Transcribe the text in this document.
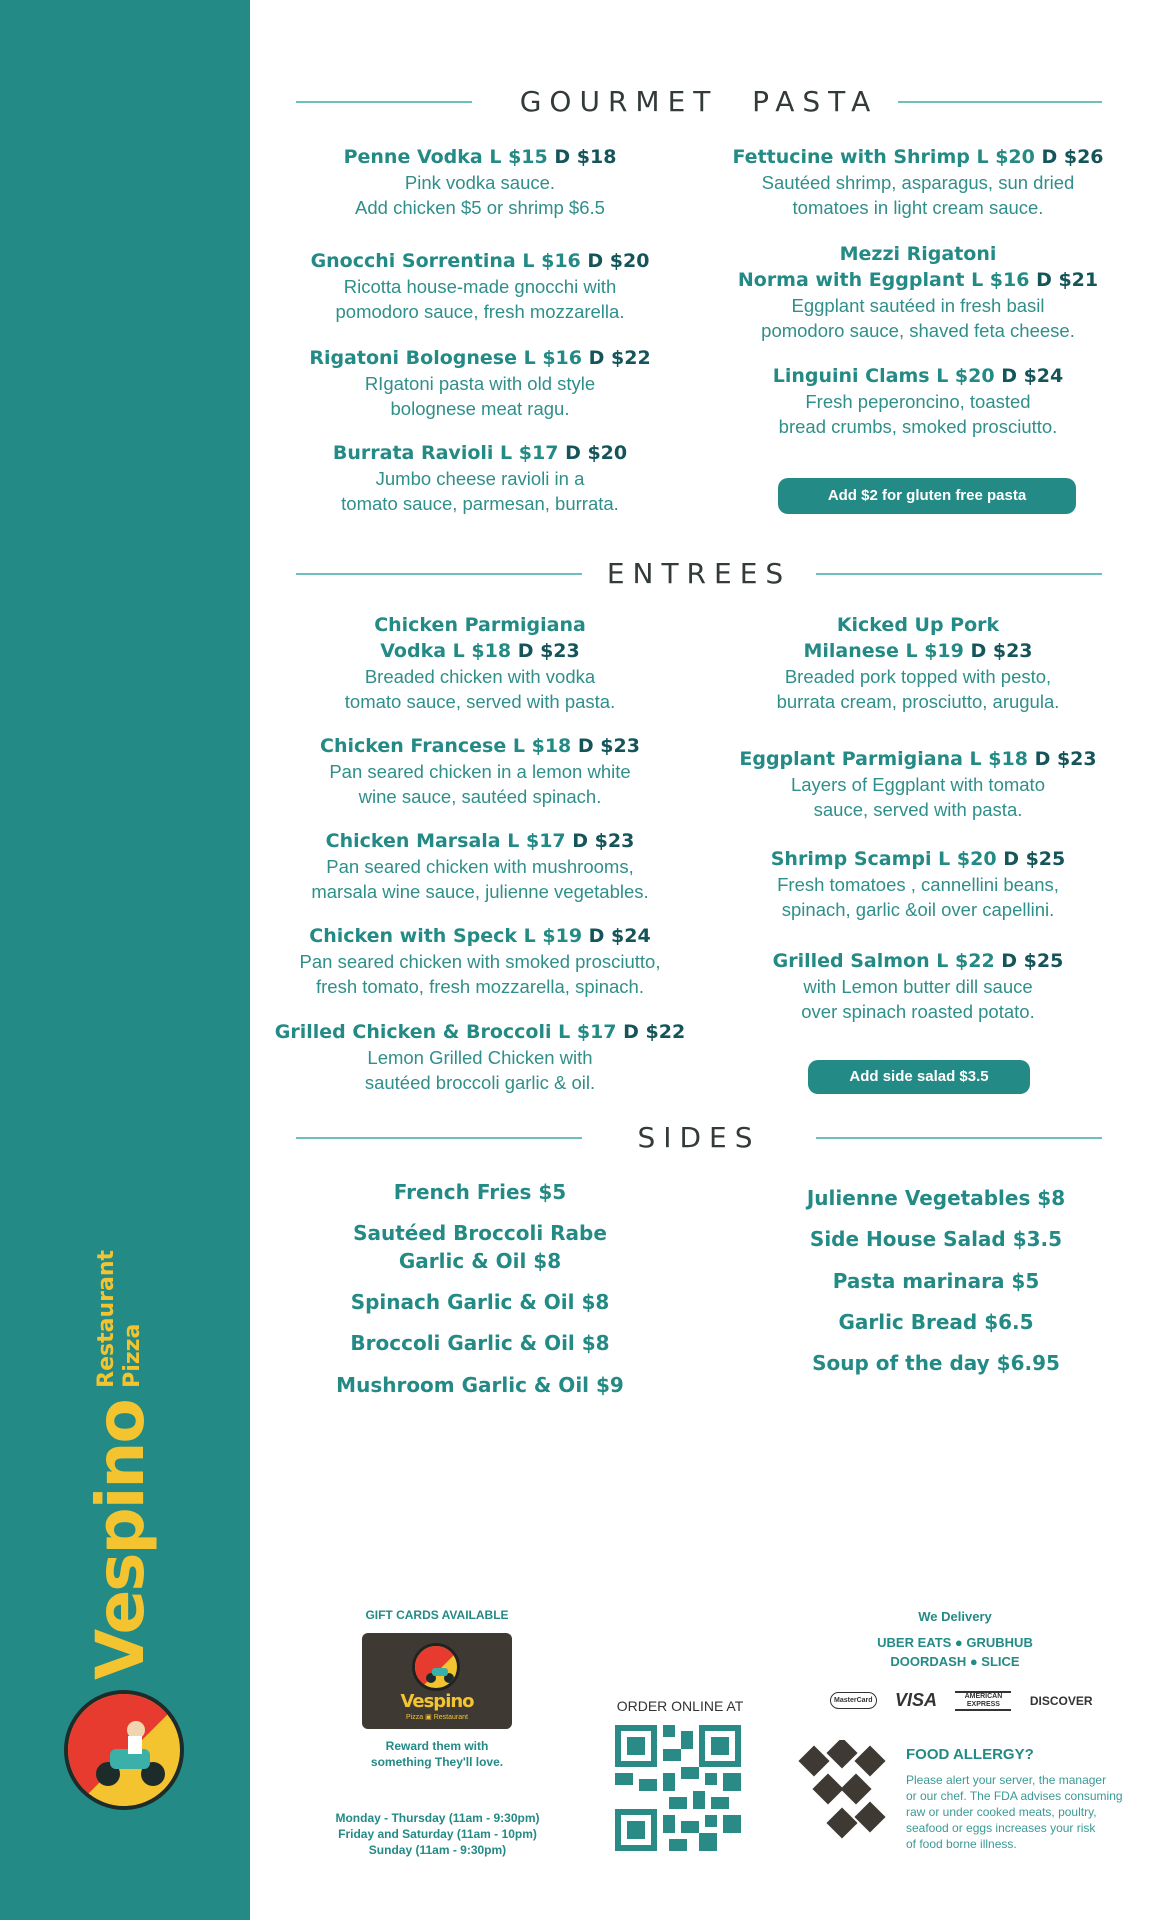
Vespino
Restaurant Pizza
GOURMET  PASTA
Penne Vodka L $15 D $18
Pink vodka sauce.
Add chicken $5 or shrimp $6.5
Gnocchi Sorrentina L $16 D $20
Ricotta house-made gnocchi with
pomodoro sauce, fresh mozzarella.
Rigatoni Bolognese L $16 D $22
RIgatoni pasta with old style
bolognese meat ragu.
Burrata Ravioli L $17 D $20
Jumbo cheese ravioli in a
tomato sauce, parmesan, burrata.
Fettucine with Shrimp L $20 D $26
Sautéed shrimp, asparagus, sun dried
tomatoes in light cream sauce.
Mezzi Rigatoni
Norma with Eggplant L $16 D $21
Eggplant sautéed in fresh basil
pomodoro sauce, shaved feta cheese.
Linguini Clams L $20 D $24
Fresh peperoncino, toasted
bread crumbs, smoked prosciutto.
Add $2 for gluten free pasta
ENTREES
Chicken Parmigiana
Vodka L $18 D $23
Breaded chicken with vodka
tomato sauce, served with pasta.
Chicken Francese L $18 D $23
Pan seared chicken in a lemon white
wine sauce, sautéed spinach.
Chicken Marsala L $17 D $23
Pan seared chicken with mushrooms,
marsala wine sauce, julienne vegetables.
Chicken with Speck L $19 D $24
Pan seared chicken with smoked prosciutto,
fresh tomato, fresh mozzarella, spinach.
Grilled Chicken & Broccoli L $17 D $22
Lemon Grilled Chicken with
sautéed broccoli garlic & oil.
Kicked Up Pork
Milanese L $19 D $23
Breaded pork topped with pesto,
burrata cream, prosciutto, arugula.
Eggplant Parmigiana L $18 D $23
Layers of Eggplant with tomato
sauce, served with pasta.
Shrimp Scampi L $20 D $25
Fresh tomatoes , cannellini beans,
spinach, garlic &oil over capellini.
Grilled Salmon L $22 D $25
with Lemon butter dill sauce
over spinach roasted potato.
Add side salad $3.5
SIDES
French Fries $5
Sautéed Broccoli Rabe
Garlic & Oil $8
Spinach Garlic & Oil $8
Broccoli Garlic & Oil $8
Mushroom Garlic & Oil $9
Julienne Vegetables $8
Side House Salad $3.5
Pasta marinara $5
Garlic Bread $6.5
Soup of the day $6.95
GIFT CARDS AVAILABLE
Vespino
Pizza ▣ Restaurant
Reward them with
something They'll love.
Monday - Thursday (11am - 9:30pm)
Friday and Saturday (11am - 10pm)
Sunday (11am - 9:30pm)
ORDER ONLINE AT
We Delivery
UBER EATS ● GRUBHUB
DOORDASH ● SLICE
MasterCard VISA	AMERICAN EXPRESS DISCOVER
FOOD ALLERGY?
Please alert your server, the manager
or our chef. The FDA advises consuming
raw or under cooked meats, poultry,
seafood or eggs increases your risk
of food borne illness.
